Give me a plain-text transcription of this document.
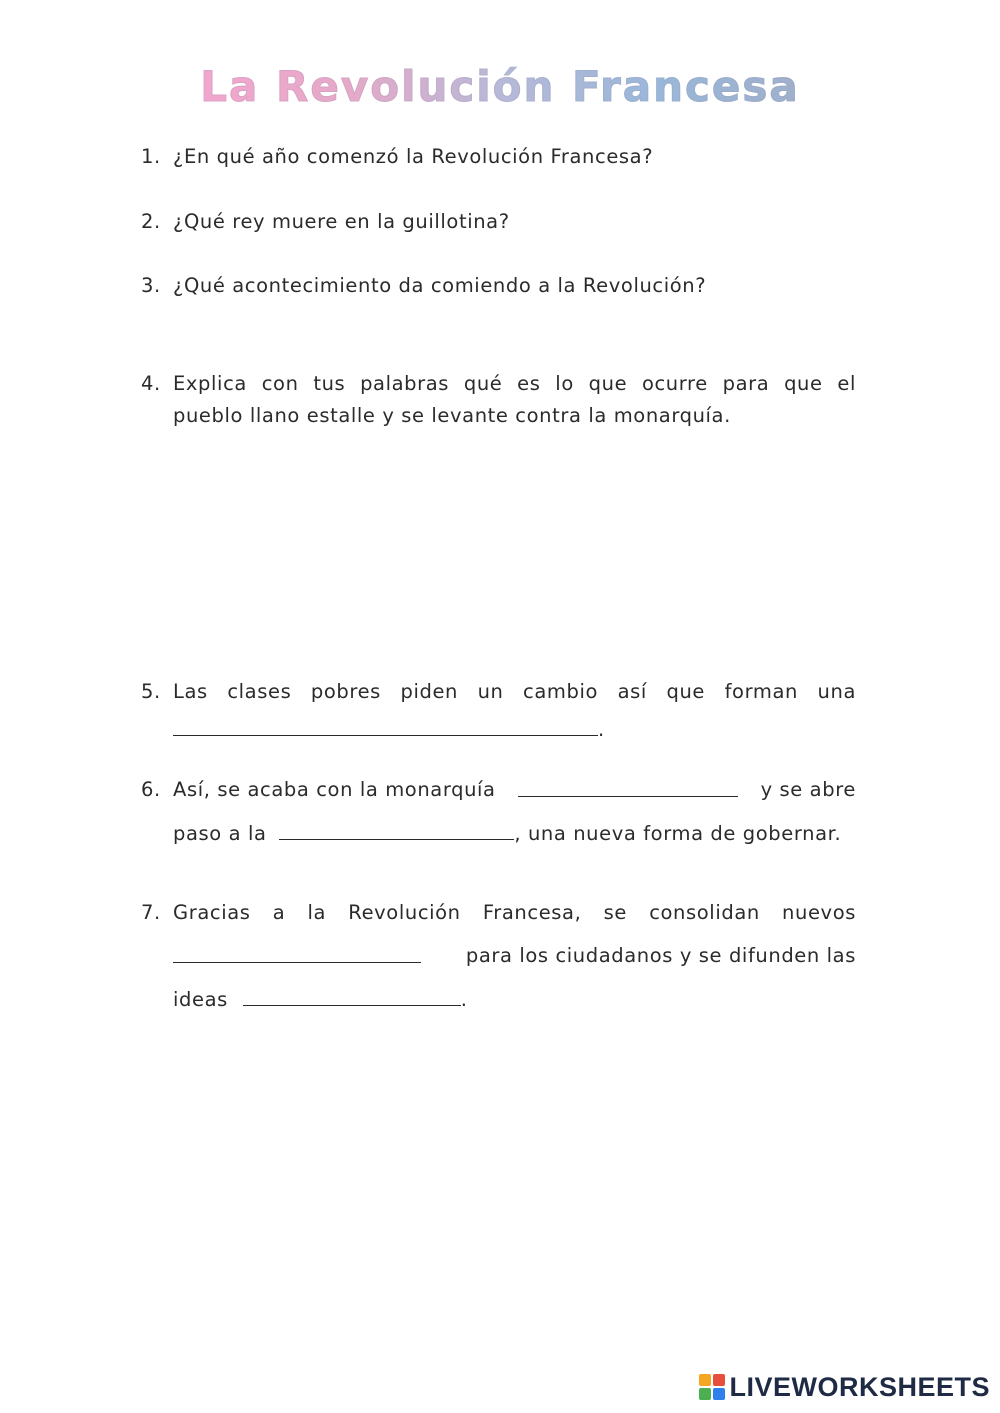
La Revolución Francesa
1. ¿En qué año comenzó la Revolución Francesa?
2. ¿Qué rey muere en la guillotina?
3. ¿Qué acontecimiento da comiendo a la Revolución?
4. Explica con tus palabras qué es lo que ocurre para que el
pueblo llano estalle y se levante contra la monarquía.
5. Las clases pobres piden un cambio así que forman una
.
6. Así, se acaba con la monarquía	y se abre
paso a la	, una nueva forma de gobernar.
7. Gracias a la Revolución Francesa, se consolidan nuevos
para los ciudadanos y se difunden las
ideas	.
LIVEWORKSHEETS
